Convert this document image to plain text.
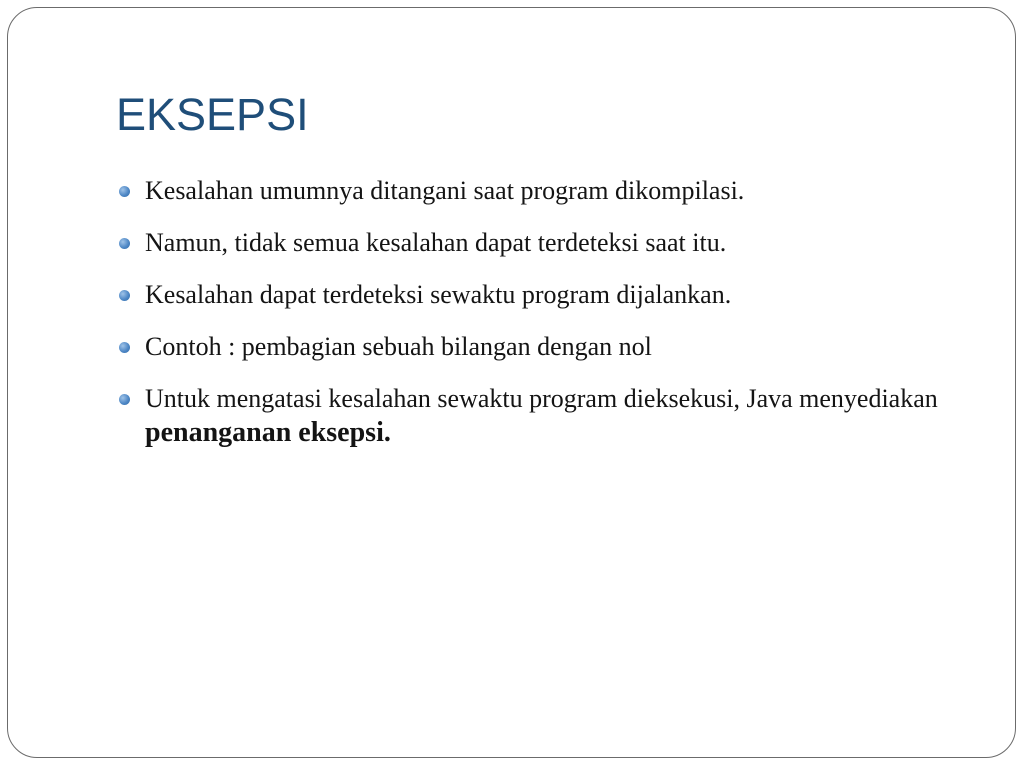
EKSEPSI
Kesalahan umumnya ditangani saat program dikompilasi.
Namun, tidak semua kesalahan dapat terdeteksi saat itu.
Kesalahan dapat terdeteksi sewaktu program dijalankan.
Contoh : pembagian sebuah bilangan dengan nol
Untuk mengatasi kesalahan sewaktu program dieksekusi, Java menyediakan penanganan eksepsi.
